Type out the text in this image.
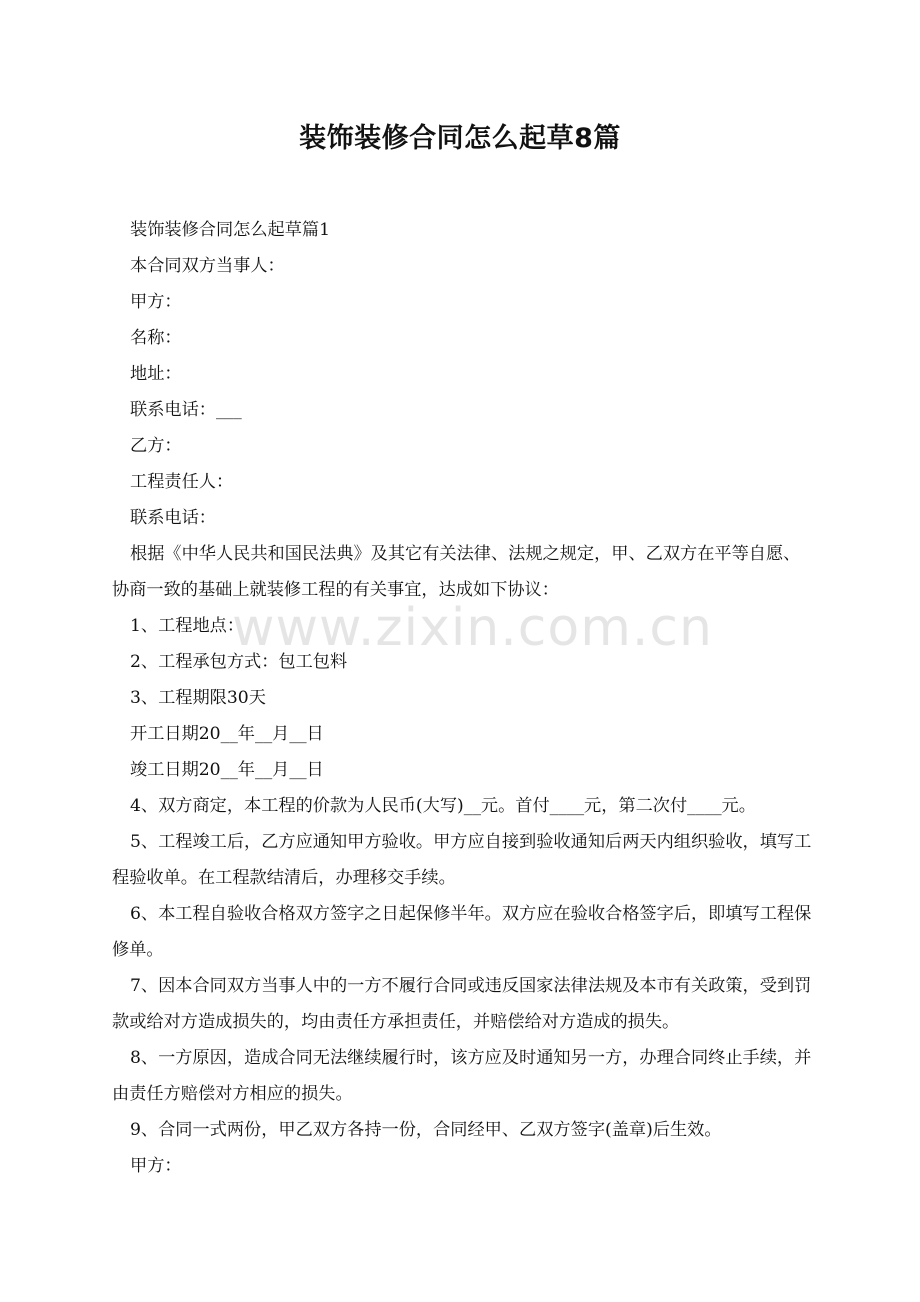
装饰装修合同怎么起草8篇

装饰装修合同怎么起草篇1

本合同双方当事人：

甲方：

名称：

地址：

联系电话：___

乙方：

工程责任人：

联系电话：

根据《中华人民共和国民法典》及其它有关法律、法规之规定，甲、乙双方在平等自愿、协商一致的基础上就装修工程的有关事宜，达成如下协议：

1、工程地点：

2、工程承包方式：包工包料

3、工程期限30天

开工日期20__年__月__日

竣工日期20__年__月__日

4、双方商定，本工程的价款为人民币(大写)__元。首付____元，第二次付____元。

5、工程竣工后，乙方应通知甲方验收。甲方应自接到验收通知后两天内组织验收，填写工程验收单。在工程款结清后，办理移交手续。

6、本工程自验收合格双方签字之日起保修半年。双方应在验收合格签字后，即填写工程保修单。

7、因本合同双方当事人中的一方不履行合同或违反国家法律法规及本市有关政策，受到罚款或给对方造成损失的，均由责任方承担责任，并赔偿给对方造成的损失。

8、一方原因，造成合同无法继续履行时，该方应及时通知另一方，办理合同终止手续，并由责任方赔偿对方相应的损失。

9、合同一式两份，甲乙双方各持一份，合同经甲、乙双方签字(盖章)后生效。

甲方：

www.zixin.com.cn
